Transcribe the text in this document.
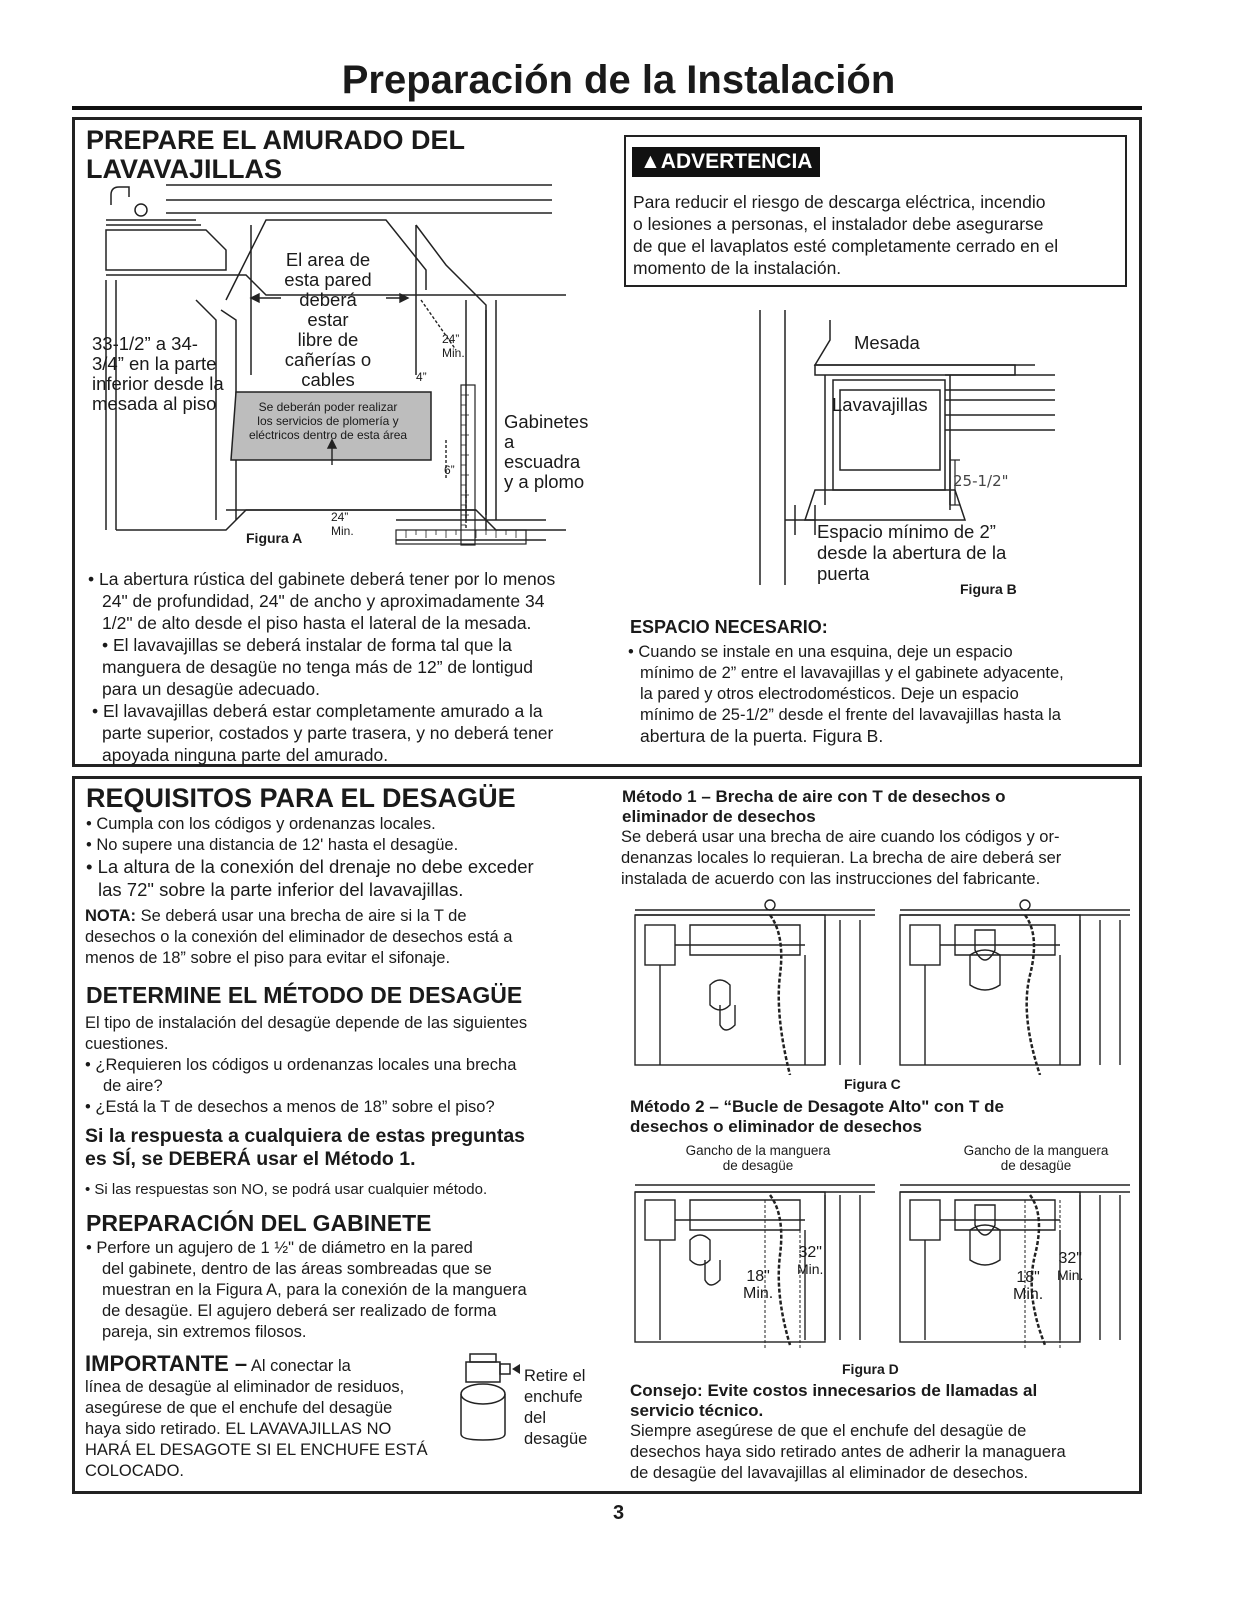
Preparación de la Instalación
PREPARE EL AMURADO DEL
LAVAVAJILLAS
El area de
esta pared
deberá
estar
libre de
cañerías o
cables
33-1/2” a 34-
3/4” en la parte
inferior desde la
mesada al piso	Se deberán poder realizar
los servicios de plomería y
eléctricos dentro de esta área
24”
Min.
4”
6”
24”
Min.
Gabinetes
a
escuadra
y a plomo
Figura A
• La abertura rústica del gabinete deberá tener por lo menos
24" de profundidad, 24" de ancho y aproximadamente 34
1/2" de alto desde el piso hasta el lateral de la mesada.
• El lavavajillas se deberá instalar de forma tal que la
manguera de desagüe no tenga más de 12” de lontigud
para un desagüe adecuado.
• El lavavajillas deberá estar completamente amurado a la
parte superior, costados y parte trasera, y no deberá tener
apoyada ninguna parte del amurado.
▲ADVERTENCIA
Para reducir el riesgo de descarga eléctrica, incendio
o lesiones a personas, el instalador debe asegurarse
de que el lavaplatos esté completamente cerrado en el
momento de la instalación.
Mesada
Lavavajillas
25-1/2"
Espacio mínimo de 2”
desde la abertura de la
puerta
Figura B
ESPACIO NECESARIO:
• Cuando se instale en una esquina, deje un espacio
mínimo de 2” entre el lavavajillas y el gabinete adyacente,
la pared y otros electrodomésticos. Deje un espacio
mínimo de 25-1/2” desde el frente del lavavajillas hasta la
abertura de la puerta. Figura B.
REQUISITOS PARA EL DESAGÜE
• Cumpla con los códigos y ordenanzas locales.
• No supere una distancia de 12' hasta el desagüe.
• La altura de la conexión del drenaje no debe exceder
las 72" sobre la parte inferior del lavavajillas.
NOTA: Se deberá usar una brecha de aire si la T de
desechos o la conexión del eliminador de desechos está a
menos de 18” sobre el piso para evitar el sifonaje.
DETERMINE EL MÉTODO DE DESAGÜE
El tipo de instalación del desagüe depende de las siguientes
cuestiones.
• ¿Requieren los códigos u ordenanzas locales una brecha
de aire?
• ¿Está la T de desechos a menos de 18” sobre el piso?
Si la respuesta a cualquiera de estas preguntas
es SÍ, se DEBERÁ usar el Método 1.
• Si las respuestas son NO, se podrá usar cualquier método.
PREPARACIÓN DEL GABINETE
• Perfore un agujero de 1 ½" de diámetro en la pared
del gabinete, dentro de las áreas sombreadas que se
muestran en la Figura A, para la conexión de la manguera
de desagüe. El agujero deberá ser realizado de forma
pareja, sin extremos filosos.
IMPORTANTE – Al conectar la
línea de desagüe al eliminador de residuos,
asegúrese de que el enchufe del desagüe
haya sido retirado. EL LAVAVAJILLAS NO
HARÁ EL DESAGOTE SI EL ENCHUFE ESTÁ
COLOCADO.
Retire el
enchufe
del
desagüe
Método 1 – Brecha de aire con T de desechos o
eliminador de desechos
Se deberá usar una brecha de aire cuando los códigos y or-
denanzas locales lo requieran. La brecha de aire deberá ser
instalada de acuerdo con las instrucciones del fabricante.
Figura C
Método 2 – “Bucle de Desagote Alto" con T de
desechos o eliminador de desechos
Gancho de la manguera
de desagüe
Gancho de la manguera
de desagüe
32"
Min.
18"
Min.
32"
Min.
18"
Min.
Figura D
Consejo: Evite costos innecesarios de llamadas al
servicio técnico.
Siempre asegúrese de que el enchufe del desagüe de
desechos haya sido retirado antes de adherir la managuera
de desagüe del lavavajillas al eliminador de desechos.
3
